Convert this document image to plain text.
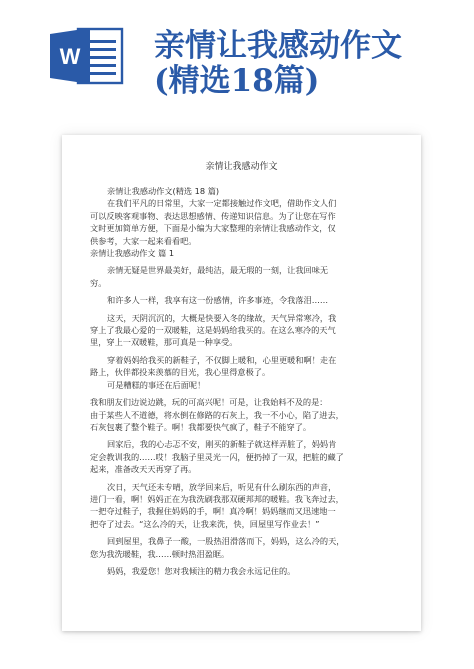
W 亲情让我感动作文
(精选18篇)
亲情让我感动作文

亲情让我感动作文(精选 18 篇)

在我们平凡的日常里，大家一定都接触过作文吧，借助作文人们

可以反映客观事物、表达思想感情、传递知识信息。为了让您在写作

文时更加简单方便，下面是小编为大家整理的亲情让我感动作文，仅

供参考，大家一起来看看吧。

亲情让我感动作文 篇 1

亲情无疑是世界最美好，最纯洁，最无瑕的一刻，让我回味无

穷。

和许多人一样，我享有这一份感情，许多事迹，令我落泪……

这天，天阴沉沉的，大概是快要入冬的缘故，天气异常寒冷，我

穿上了我最心爱的一双暖鞋，这是妈妈给我买的。在这么寒冷的天气

里，穿上一双暖鞋，那可真是一种享受。

穿着妈妈给我买的新鞋子，不仅脚上暖和，心里更暖和啊！走在

路上，伙伴都投来羡慕的目光，我心里得意极了。

可是糟糕的事还在后面呢！

我和朋友们边说边跳，玩的可高兴呢！可是，让我始料不及的是：

由于某些人不道德，将水倒在修路的石灰上，我一不小心，陷了进去，

石灰包裹了整个鞋子。啊！我都要快气疯了，鞋子不能穿了。

回家后，我的心忐忑不安，刚买的新鞋子就这样弄脏了，妈妈肯

定会教训我的……哎！我脑子里灵光一闪，便扔掉了一双，把脏的藏了

起来，准备改天天再穿了再。

次日，天气还未专晴，放学回来后，听见有什么刷东西的声音，

进门一看，啊！妈妈正在为我洗刷我那双硬邦邦的暖鞋。我飞奔过去，

一把夺过鞋子，我握住妈妈的手，啊！真冷啊！妈妈继而又迅速地一

把夺了过去。“这么冷的天，让我来洗，快，回屋里写作业去！”

回到屋里，我鼻子一酸，一股热泪滑落而下，妈妈，这么冷的天，

您为我洗暖鞋，我……顿时热泪盈眶。

妈妈，我爱您！您对我倾注的精力我会永远记住的。
